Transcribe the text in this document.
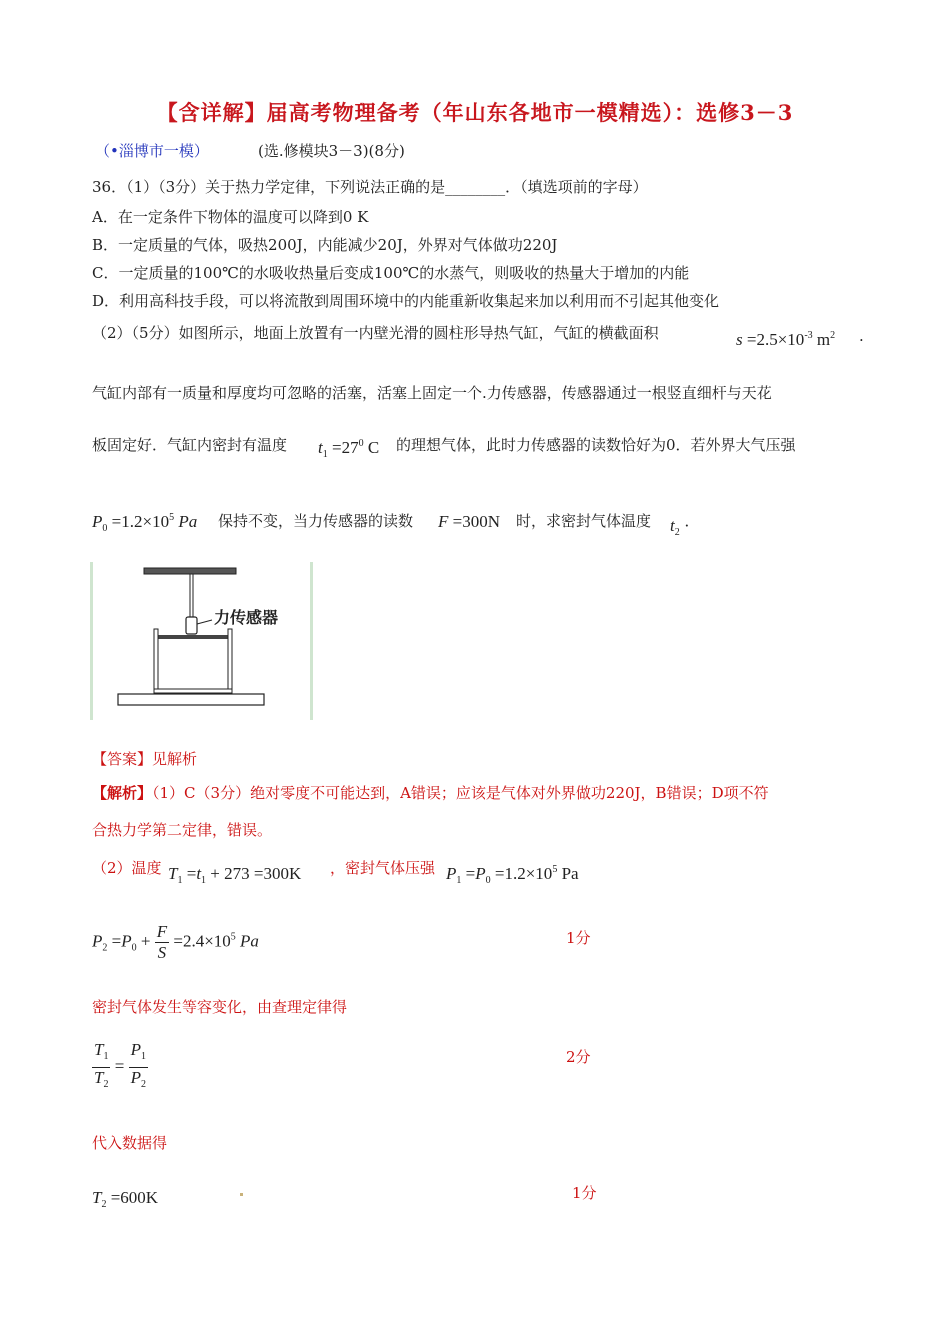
【含详解】届高考物理备考（年山东各地市一模精选）：选修3－3
（•淄博市一模）	(选.修模块3－3)(8分)
36．（1）（3分）关于热力学定律，下列说法正确的是________．（填选项前的字母）
A．在一定条件下物体的温度可以降到0 K
B．一定质量的气体，吸热200J，内能减少20J，外界对气体做功220J
C．一定质量的100℃的水吸收热量后变成100℃的水蒸气，则吸收的热量大于增加的内能
D．利用高科技手段，可以将流散到周围环境中的内能重新收集起来加以利用而不引起其他变化
（2）（5分）如图所示，地面上放置有一内壁光滑的圆柱形导热气缸，气缸的横截面积	$s =2.5\times 10^{-3}$ $m^2$ ·
气缸内部有一质量和厚度均可忽略的活塞，活塞上固定一个.力传感器，传感器通过一根竖直细杆与天花
板固定好．气缸内密封有温度 $t_1 =27^0$ C 的理想气体，此时力传感器的读数恰好为0．若外界大气压强
$P_0 =1.2\times 10^5$ Pa 保持不变，当力传感器的读数 F =300N 时，求密封气体温度 $t_2$ ·
力传感器
【答案】见解析
【解析】（1）C（3分）绝对零度不可能达到，A错误；应该是气体对外界做功220J，B错误；D项不符
合热力学第二定律，错误。
（2）温度 $T_1 =t_1 + 273 =300K$ ，密封气体压强 $P_1 =P_0 =1.2\times 10^5$ Pa
$P_2 =P_0 + \frac{F}{S} =2.4\times 10^5$ Pa	1分
密封气体发生等容变化，由查理定律得
$\frac{T_1}{T_2} = \frac{P_1}{P_2}$	2分
代入数据得
$T_2 =600K$	1分
